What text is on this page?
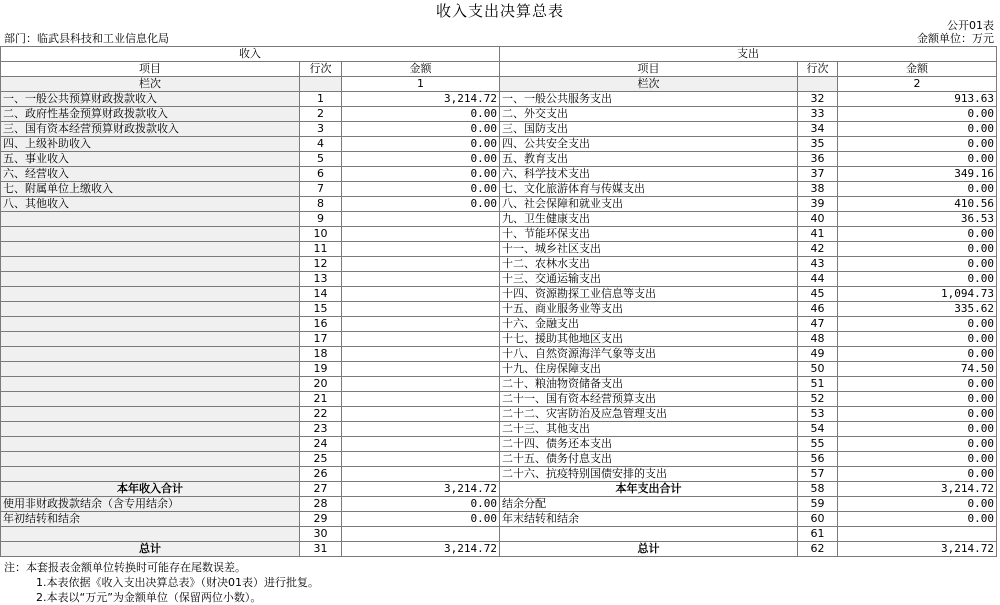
收入支出决算总表
公开01表
部门：临武县科技和工业信息化局	金额单位：万元
收入			支出		
项目	行次	金额	项目	行次	金额
栏次		1	栏次		2
一、一般公共预算财政拨款收入	1	3,214.72	一、一般公共服务支出	32	913.63
二、政府性基金预算财政拨款收入	2	0.00	二、外交支出	33	0.00
三、国有资本经营预算财政拨款收入	3	0.00	三、国防支出	34	0.00
四、上级补助收入	4	0.00	四、公共安全支出	35	0.00
五、事业收入	5	0.00	五、教育支出	36	0.00
六、经营收入	6	0.00	六、科学技术支出	37	349.16
七、附属单位上缴收入	7	0.00	七、文化旅游体育与传媒支出	38	0.00
八、其他收入	8	0.00	八、社会保障和就业支出	39	410.56
	9		九、卫生健康支出	40	36.53
	10		十、节能环保支出	41	0.00
	11		十一、城乡社区支出	42	0.00
	12		十二、农林水支出	43	0.00
	13		十三、交通运输支出	44	0.00
	14		十四、资源勘探工业信息等支出	45	1,094.73
	15		十五、商业服务业等支出	46	335.62
	16		十六、金融支出	47	0.00
	17		十七、援助其他地区支出	48	0.00
	18		十八、自然资源海洋气象等支出	49	0.00
	19		十九、住房保障支出	50	74.50
	20		二十、粮油物资储备支出	51	0.00
	21		二十一、国有资本经营预算支出	52	0.00
	22		二十二、灾害防治及应急管理支出	53	0.00
	23		二十三、其他支出	54	0.00
	24		二十四、债务还本支出	55	0.00
	25		二十五、债务付息支出	56	0.00
	26		二十六、抗疫特别国债安排的支出	57	0.00
本年收入合计	27	3,214.72	本年支出合计	58	3,214.72
使用非财政拨款结余（含专用结余）	28	0.00	结余分配	59	0.00
年初结转和结余	29	0.00	年末结转和结余	60	0.00
	30			61	
总计	31	3,214.72	总计	62	3,214.72
注：本套报表金额单位转换时可能存在尾数误差。
1.本表依据《收入支出决算总表》（财决01表）进行批复。
2.本表以“万元”为金额单位（保留两位小数）。
